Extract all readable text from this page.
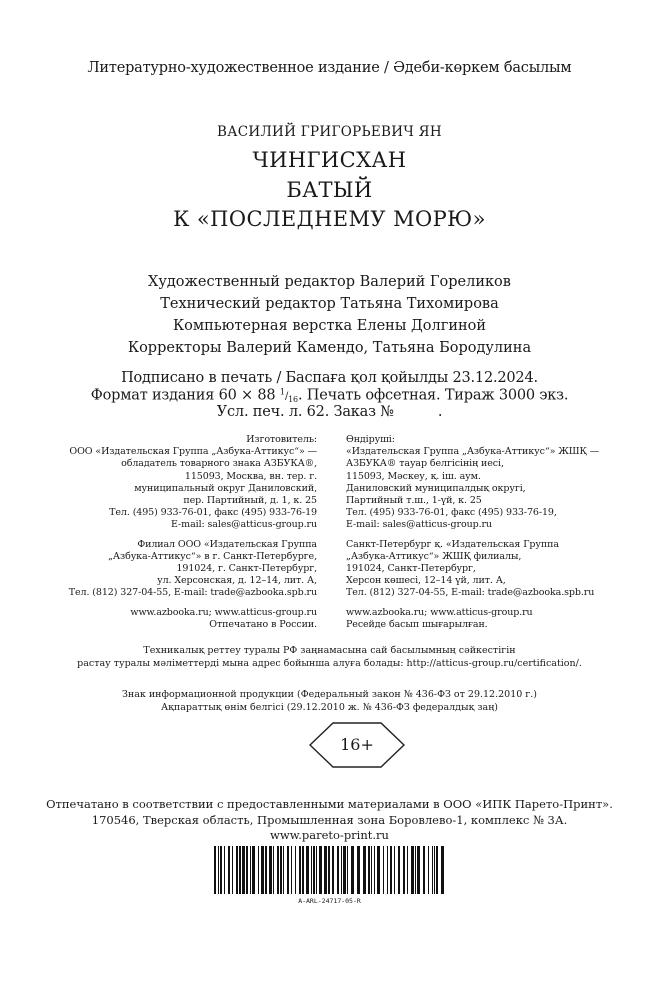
Литературно-художественное издание / Әдеби-көркем басылым
ВАСИЛИЙ ГРИГОРЬЕВИЧ ЯН
ЧИНГИСХАН
БАТЫЙ
К «ПОСЛЕДНЕМУ МОРЮ»
Художественный редактор Валерий Гореликов
Технический редактор Татьяна Тихомирова
Компьютерная верстка Елены Долгиной
Корректоры Валерий Камендо, Татьяна Бородулина
Подписано в печать / Баспаға қол қойылды 23.12.2024.
Формат издания 60 × 88 $^1/_{16}$. Печать офсетная. Тираж 3000 экз.
Усл. печ. л. 62. Заказ №          .
Изготовитель:
ООО «Издательская Группа „Азбука-Аттикус“» —
обладатель товарного знака АЗБУКА®,
115093, Москва, вн. тер. г.
муниципальный округ Даниловский,
пер. Партийный, д. 1, к. 25
Тел. (495) 933-76-01, факс (495) 933-76-19
E-mail: sales@atticus-group.ru
Филиал ООО «Издательская Группа
„Азбука-Аттикус“» в г. Санкт-Петербурге,
191024, г. Санкт-Петербург,
ул. Херсонская, д. 12–14, лит. А,
Тел. (812) 327-04-55, E-mail: trade@azbooka.spb.ru
www.azbooka.ru; www.atticus-group.ru
Отпечатано в России.
Өндіруші:
«Издательская Группа „Азбука-Аттикус“» ЖШҚ —
АЗБУКА® тауар белгісінің иесі,
115093, Мәскеу, қ. іш. аум.
Даниловский муниципалдық округі,
Партийный т.ш., 1-үй, к. 25
Тел. (495) 933-76-01, факс (495) 933-76-19,
E-mail: sales@atticus-group.ru
Санкт-Петербург қ. «Издательская Группа
„Азбука-Аттикус“» ЖШҚ филиалы,
191024, Санкт-Петербург,
Херсон көшесі, 12–14 үй, лит. А,
Тел. (812) 327-04-55, E-mail: trade@azbooka.spb.ru
www.azbooka.ru; www.atticus-group.ru
Ресейде басып шығарылған.
Техникалық реттеу туралы РФ заңнамасына сай басылымның сәйкестігін
растау туралы мәліметтерді мына адрес бойынша алуға болады: http://atticus-group.ru/certification/.
Знак информационной продукции (Федеральный закон № 436-ФЗ от 29.12.2010 г.)
Ақпараттық өнім белгісі (29.12.2010 ж. № 436-ФЗ федералдық заң)
16+
Отпечатано в соответствии с предоставленными материалами в ООО «ИПК Парето-Принт».
170546, Тверская область, Промышленная зона Боровлево-1, комплекс № 3А.
www.pareto-print.ru
А-ARL-24717-05-R
